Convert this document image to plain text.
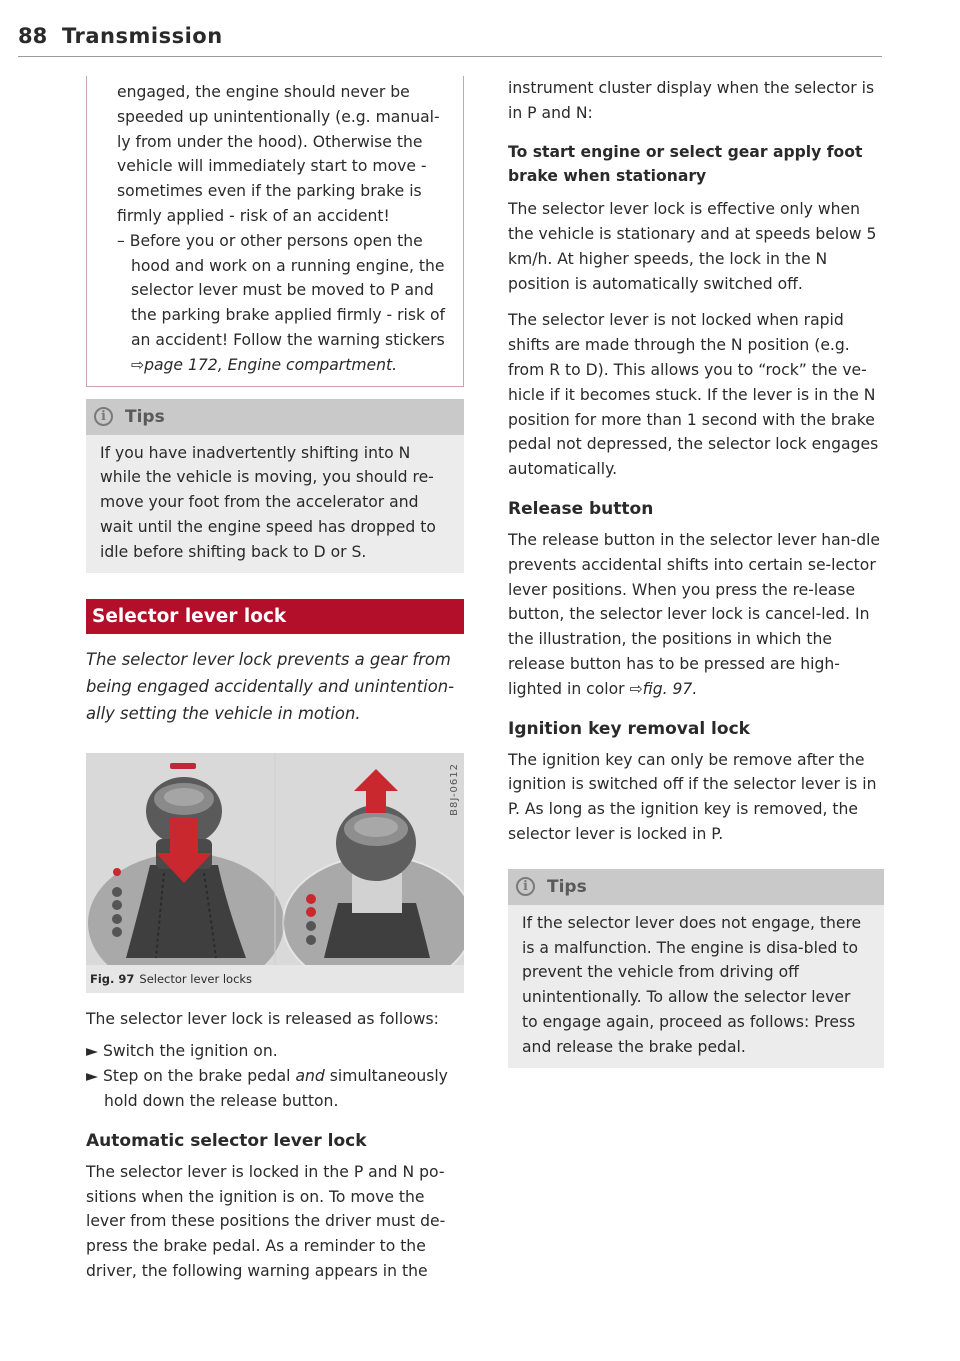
88 Transmission

engaged, the engine should never be speeded up unintentionally (e.g. manual-ly from under the hood). Otherwise the vehicle will immediately start to move - sometimes even if the parking brake is firmly applied - risk of an accident!

– Before you or other persons open the hood and work on a running engine, the selector lever must be moved to P and the parking brake applied firmly - risk of an accident! Follow the warning stickers ⇨page 172, Engine compartment.

i	Tips

If you have inadvertently shifting into N while the vehicle is moving, you should re-move your foot from the accelerator and wait until the engine speed has dropped to idle before shifting back to D or S.

Selector lever lock

The selector lever lock prevents a gear from being engaged accidentally and unintention-ally setting the vehicle in motion.

B8J-0612
Fig. 97 Selector lever locks

The selector lever lock is released as follows:

► Switch the ignition on.

► Step on the brake pedal and simultaneously hold down the release button.

Automatic selector lever lock

The selector lever is locked in the P and N po-sitions when the ignition is on. To move the lever from these positions the driver must de-press the brake pedal. As a reminder to the driver, the following warning appears in the

instrument cluster display when the selector is in P and N:

To start engine or select gear apply foot brake when stationary

The selector lever lock is effective only when the vehicle is stationary and at speeds below 5 km/h. At higher speeds, the lock in the N position is automatically switched off.

The selector lever is not locked when rapid shifts are made through the N position (e.g. from R to D). This allows you to “rock” the ve-hicle if it becomes stuck. If the lever is in the N position for more than 1 second with the brake pedal not depressed, the selector lock engages automatically.

Release button

The release button in the selector lever han-dle prevents accidental shifts into certain se-lector lever positions. When you press the re-lease button, the selector lever lock is cancel-led. In the illustration, the positions in which the release button has to be pressed are high-lighted in color ⇨fig. 97.

Ignition key removal lock

The ignition key can only be remove after the ignition is switched off if the selector lever is in P. As long as the ignition key is removed, the selector lever is locked in P.

i	Tips

If the selector lever does not engage, there is a malfunction. The engine is disa-bled to prevent the vehicle from driving off unintentionally. To allow the selector lever to engage again, proceed as follows: Press and release the brake pedal.
